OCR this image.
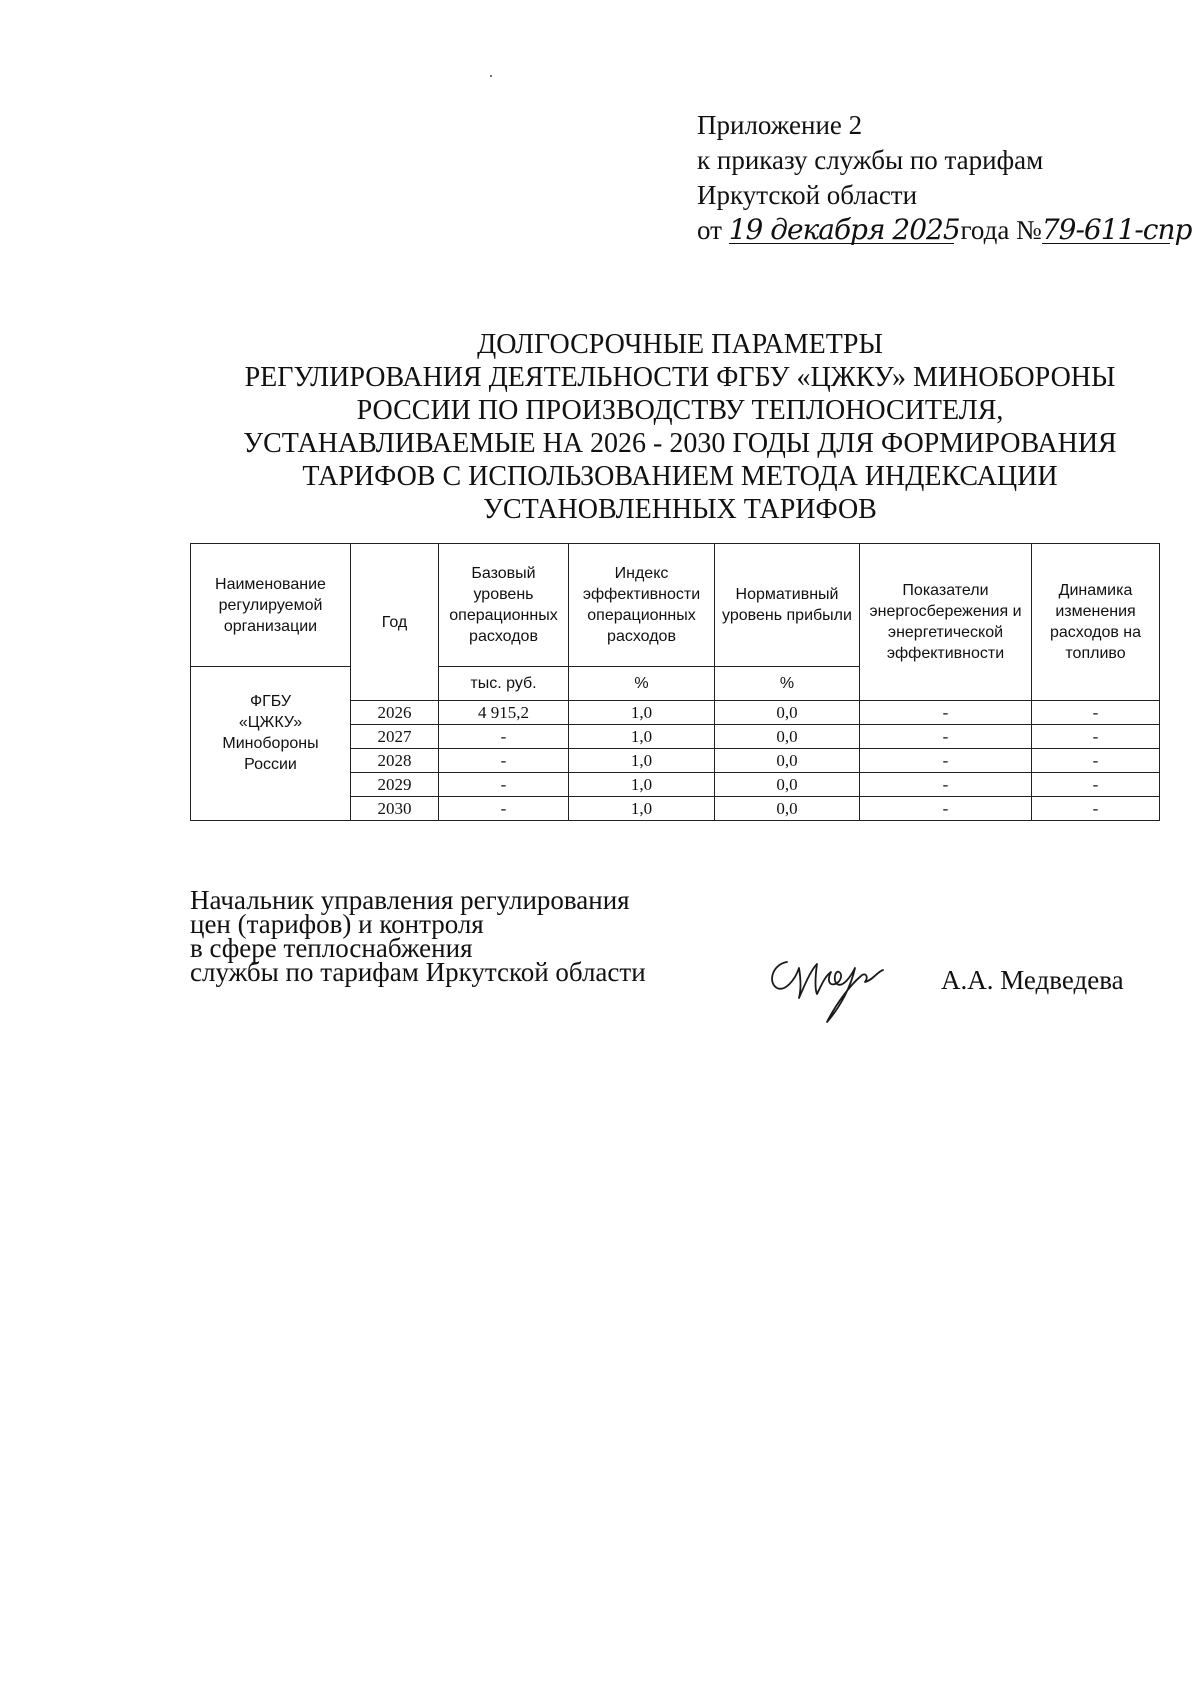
Приложение 2
к приказу службы по тарифам
Иркутской области
от 19 декабря 2025 года №79-611-спр
ДОЛГОСРОЧНЫЕ ПАРАМЕТРЫ
РЕГУЛИРОВАНИЯ ДЕЯТЕЛЬНОСТИ ФГБУ «ЦЖКУ» МИНОБОРОНЫ
РОССИИ ПО ПРОИЗВОДСТВУ ТЕПЛОНОСИТЕЛЯ,
УСТАНАВЛИВАЕМЫЕ НА 2026 - 2030 ГОДЫ ДЛЯ ФОРМИРОВАНИЯ
ТАРИФОВ С ИСПОЛЬЗОВАНИЕМ МЕТОДА ИНДЕКСАЦИИ
УСТАНОВЛЕННЫХ ТАРИФОВ
Наименование регулируемой организации	Год	Базовый уровень операционных расходов	Индекс эффективности операционных расходов	Нормативный уровень прибыли	Показатели энергосбережения и энергетической эффективности	Динамика изменения расходов на топливо

ФГБУ
«ЦЖКУ»
Минобороны
России		тыс. руб.	%	%		
	2026	4 915,2	1,0	0,0	-	-
	2027	-	1,0	0,0	-	-
	2028	-	1,0	0,0	-	-
	2029	-	1,0	0,0	-	-
	2030	-	1,0	0,0	-	-
Начальник управления регулирования
цен (тарифов) и контроля
в сфере теплоснабжения
службы по тарифам Иркутской области	А.А. Медведева
